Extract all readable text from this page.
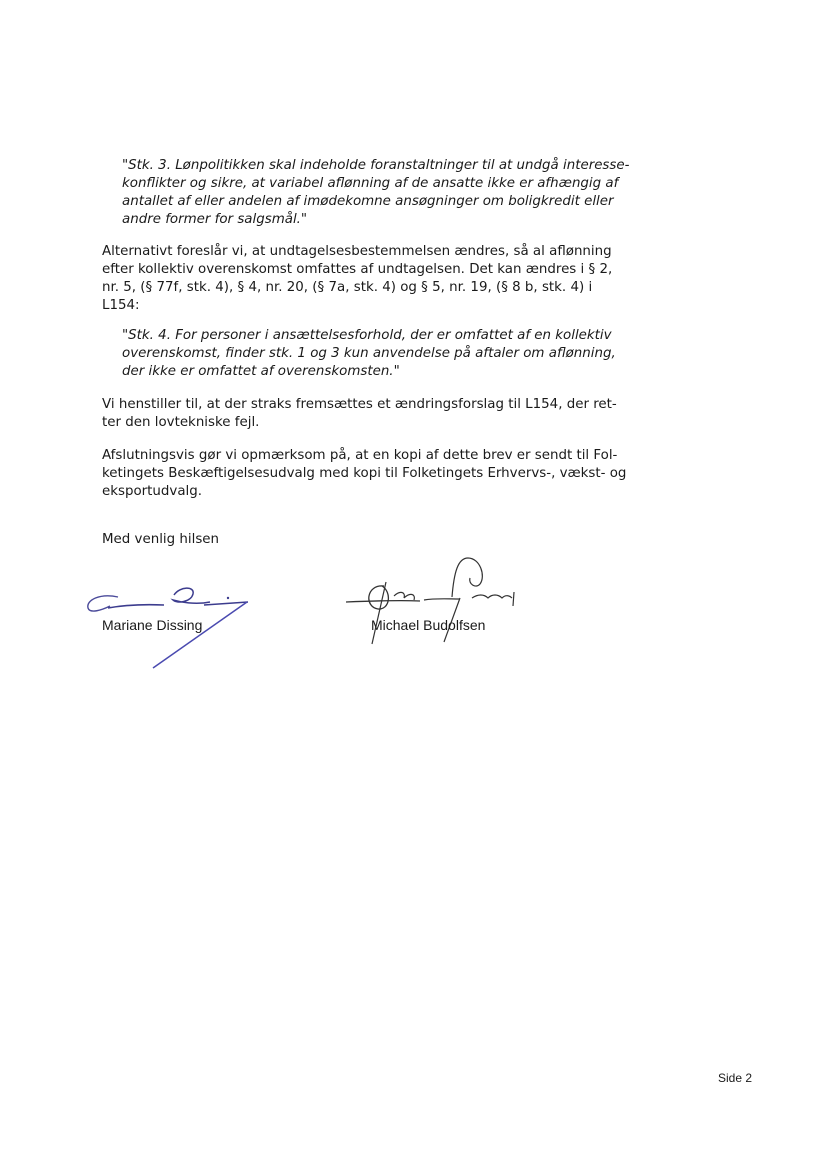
"Stk. 3. Lønpolitikken skal indeholde foranstaltninger til at undgå interesse-
konflikter og sikre, at variabel aflønning af de ansatte ikke er afhængig af
antallet af eller andelen af imødekomne ansøgninger om boligkredit eller
andre former for salgsmål."

Alternativt foreslår vi, at undtagelsesbestemmelsen ændres, så al aflønning
efter kollektiv overenskomst omfattes af undtagelsen. Det kan ændres i § 2,
nr. 5, (§ 77f, stk. 4), § 4, nr. 20, (§ 7a, stk. 4) og § 5, nr. 19, (§ 8 b, stk. 4) i
L154:

"Stk. 4. For personer i ansættelsesforhold, der er omfattet af en kollektiv
overenskomst, finder stk. 1 og 3 kun anvendelse på aftaler om aflønning,
der ikke er omfattet af overenskomsten."

Vi henstiller til, at der straks fremsættes et ændringsforslag til L154, der ret-
ter den lovtekniske fejl.

Afslutningsvis gør vi opmærksom på, at en kopi af dette brev er sendt til Fol-
ketingets Beskæftigelsesudvalg med kopi til Folketingets Erhvervs-, vækst- og
eksportudvalg.

Med venlig hilsen

Mariane Dissing	Michael Budolfsen
Side 2
